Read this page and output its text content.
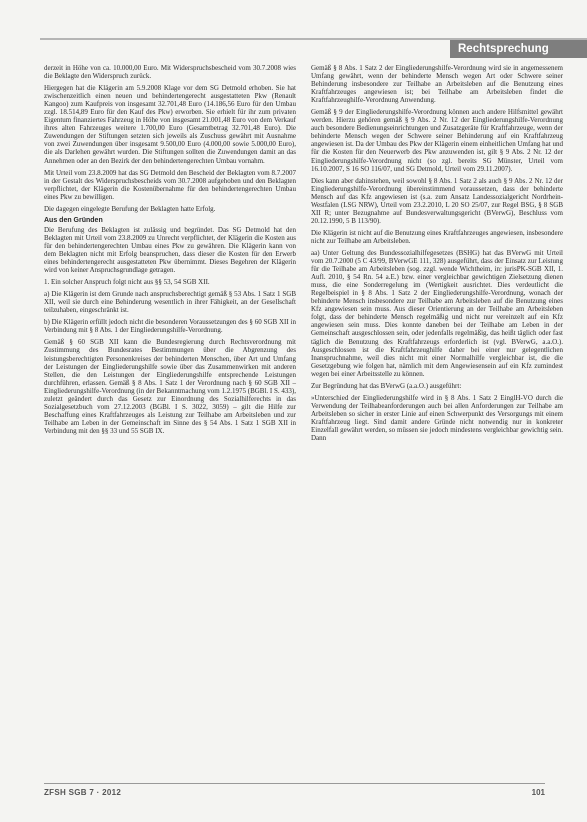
Rechtsprechung

derzeit in Höhe von ca. 10.000,00 Euro. Mit Widerspruchsbescheid vom 30.7.2008 wies die Beklagte den Widerspruch zurück.

Hiergegen hat die Klägerin am 5.9.2008 Klage vor dem SG Detmold erhoben. Sie hat zwischenzeitlich einen neuen und behindertengerecht ausgestatteten Pkw (Renault Kangoo) zum Kaufpreis von insgesamt 32.701,48 Euro (14.186,56 Euro für den Umbau zzgl. 18.514,89 Euro für den Kauf des Pkw) erworben. Sie erhielt für ihr zum privaten Eigentum finanziertes Fahrzeug in Höhe von insgesamt 21.001,48 Euro von dem Verkauf ihres alten Fahrzeuges weitere 1.700,00 Euro (Gesamtbetrag 32.701,48 Euro). Die Zuwendungen der Stiftungen setzten sich jeweils als Zuschuss gewährt mit Ausnahme von zwei Zuwendungen über insgesamt 9.500,00 Euro (4.000,00 sowie 5.000,00 Euro), die als Darlehen gewährt wurden. Die Stiftungen sollten die Zuwendungen damit an das Annehmen oder an den Bezirk der den behindertengerechten Umbau vornahm.

Mit Urteil vom 23.8.2009 hat das SG Detmold den Bescheid der Beklagten vom 8.7.2007 in der Gestalt des Widerspruchsbescheids vom 30.7.2008 aufgehoben und den Beklagten verpflichtet, der Klägerin die Kostenübernahme für den behindertengerechten Umbau eines Pkw zu bewilligen.

Die dagegen eingelegte Berufung der Beklagten hatte Erfolg.

Aus den Gründen

Die Berufung des Beklagten ist zulässig und begründet. Das SG Detmold hat den Beklagten mit Urteil vom 23.8.2009 zu Unrecht verpflichtet, der Klägerin die Kosten aus für den behindertengerechten Umbau eines Pkw zu gewähren. Die Klägerin kann von dem Beklagten nicht mit Erfolg beanspruchen, dass dieser die Kosten für den Erwerb eines behindertengerecht ausgestatteten Pkw übernimmt. Dieses Begehren der Klägerin wird von keiner Anspruchsgrundlage getragen.

1. Ein solcher Anspruch folgt nicht aus §§ 53, 54 SGB XII.

a) Die Klägerin ist dem Grunde nach anspruchsberechtigt gemäß § 53 Abs. 1 Satz 1 SGB XII, weil sie durch eine Behinderung wesentlich in ihrer Fähigkeit, an der Gesellschaft teilzuhaben, eingeschränkt ist.

b) Die Klägerin erfüllt jedoch nicht die besonderen Voraussetzungen des § 60 SGB XII in Verbindung mit § 8 Abs. 1 der Eingliederungshilfe-Verordnung.

Gemäß § 60 SGB XII kann die Bundesregierung durch Rechtsverordnung mit Zustimmung des Bundesrates Bestimmungen über die Abgrenzung des leistungsberechtigten Personenkreises der behinderten Menschen, über Art und Umfang der Leistungen der Eingliederungshilfe sowie über das Zusammenwirken mit anderen Stellen, die den Leistungen der Eingliederungshilfe entsprechende Leistungen durchführen, erlassen. Gemäß § 8 Abs. 1 Satz 1 der Verordnung nach § 60 SGB XII – Eingliederungshilfe-Verordnung (in der Bekanntmachung vom 1.2.1975 (BGBl. I S. 433), zuletzt geändert durch das Gesetz zur Einordnung des Sozialhilferechts in das Sozialgesetzbuch vom 27.12.2003 (BGBl. I S. 3022, 3059) – gilt die Hilfe zur Beschaffung eines Kraftfahrzeuges als Leistung zur Teilhabe am Arbeitsleben und zur Teilhabe am Leben in der Gemeinschaft im Sinne des § 54 Abs. 1 Satz 1 SGB XII in Verbindung mit den §§ 33 und 55 SGB IX.

Gemäß § 8 Abs. 1 Satz 2 der Eingliederungshilfe-Verordnung wird sie in angemessenem Umfang gewährt, wenn der behinderte Mensch wegen Art oder Schwere seiner Behinderung insbesondere zur Teilhabe an Arbeitsleben auf die Benutzung eines Kraftfahrzeuges angewiesen ist; bei Teilhabe am Arbeitsleben findet die Kraftfahrzeughilfe-Verordnung Anwendung.

Gemäß § 9 der Eingliederungshilfe-Verordnung können auch andere Hilfsmittel gewährt werden. Hierzu gehören gemäß § 9 Abs. 2 Nr. 12 der Eingliederungshilfe-Verordnung auch besondere Bedienungseinrichtungen und Zusatzgeräte für Kraftfahrzeuge, wenn der behinderte Mensch wegen der Schwere seiner Behinderung auf ein Kraftfahrzeug angewiesen ist. Da der Umbau des Pkw der Klägerin einem einheitlichen Umfang hat und für die Kosten für den Neuerwerb des Pkw anzuwenden ist, gilt § 9 Abs. 2 Nr. 12 der Eingliederungshilfe-Verordnung nicht (so zgl. bereits SG Münster, Urteil vom 16.10.2007, S 16 SO 116/07, und SG Detmold, Urteil vom 29.11.2007).

Dies kann aber dahinstehen, weil sowohl § 8 Abs. 1 Satz 2 als auch § 9 Abs. 2 Nr. 12 der Eingliederungshilfe-Verordnung übereinstimmend voraussetzen, dass der behinderte Mensch auf das Kfz angewiesen ist (s.a. zum Ansatz Landessozialgericht Nordrhein-Westfalen (LSG NRW), Urteil vom 23.2.2010, L 20 SO 25/07, zur Regel BSG, § 8 SGB XII R; unter Bezugnahme auf Bundesverwaltungsgericht (BVerwG), Beschluss vom 20.12.1990, 5 B 113/90).

Die Klägerin ist nicht auf die Benutzung eines Kraftfahrzeuges angewiesen, insbesondere nicht zur Teilhabe am Arbeitsleben.

aa) Unter Geltung des Bundessozialhilfegesetzes (BSHG) hat das BVerwG mit Urteil vom 20.7.2000 (5 C 43/99, BVerwGE 111, 328) ausgeführt, dass der Einsatz zur Leistung für die Teilhabe am Arbeitsleben (sog. zzgl. wende Wichtheim, in: jurisPK-SGB XII, 1. Aufl. 2010, § 54 Rn. 54 a.E.) bzw. einer vergleichbar gewichtigen Zielsetzung dienen muss, die eine Sonderregelung im (Wertigkeit ausrichtet. Dies verdeutlicht die Regelbeispiel in § 8 Abs. 1 Satz 2 der Eingliederungshilfe-Verordnung, wonach der behinderte Mensch insbesondere zur Teilhabe am Arbeitsleben auf die Benutzung eines Kfz angewiesen sein muss. Aus dieser Orientierung an der Teilhabe am Arbeitsleben folgt, dass der behinderte Mensch regelmäßig und nicht nur vereinzelt auf ein Kfz angewiesen sein muss. Dies konnte daneben bei der Teilhabe am Leben in der Gemeinschaft ausgeschlossen sein, oder jedenfalls regelmäßig, das heißt täglich oder fast täglich die Benutzung des Kraftfahrzeugs erforderlich ist (vgl. BVerwG, a.a.O.). Ausgeschlossen ist die Kraftfahrzeughilfe daher bei einer nur gelegentlichen Inanspruchnahme, weil dies nicht mit einer Normalhilfe vergleichbar ist, die die Gesetzgebung wie folgen hat, nämlich mit dem Angewiesensein auf ein Kfz zumindest wegen bei einer Arbeitsstelle zu können.

Zur Begründung hat das BVerwG (a.a.O.) ausgeführt:

»Unterschied der Eingliederungshilfe wird in § 8 Abs. 1 Satz 2 EinglH-VO durch die Verwendung der Teilhabeanforderungen auch bei allen Anforderungen zur Teilhabe am Arbeitsleben so sicher in erster Linie auf einen Schwerpunkt des Versorgungs mit einem Kraftfahrzeug liegt. Sind damit andere Gründe nicht notwendig nur in konkreter Einzelfall gewährt werden, so müssen sie jedoch mindestens vergleichbar gewichtig sein. Dann

ZFSH SGB 7 · 2012	101
